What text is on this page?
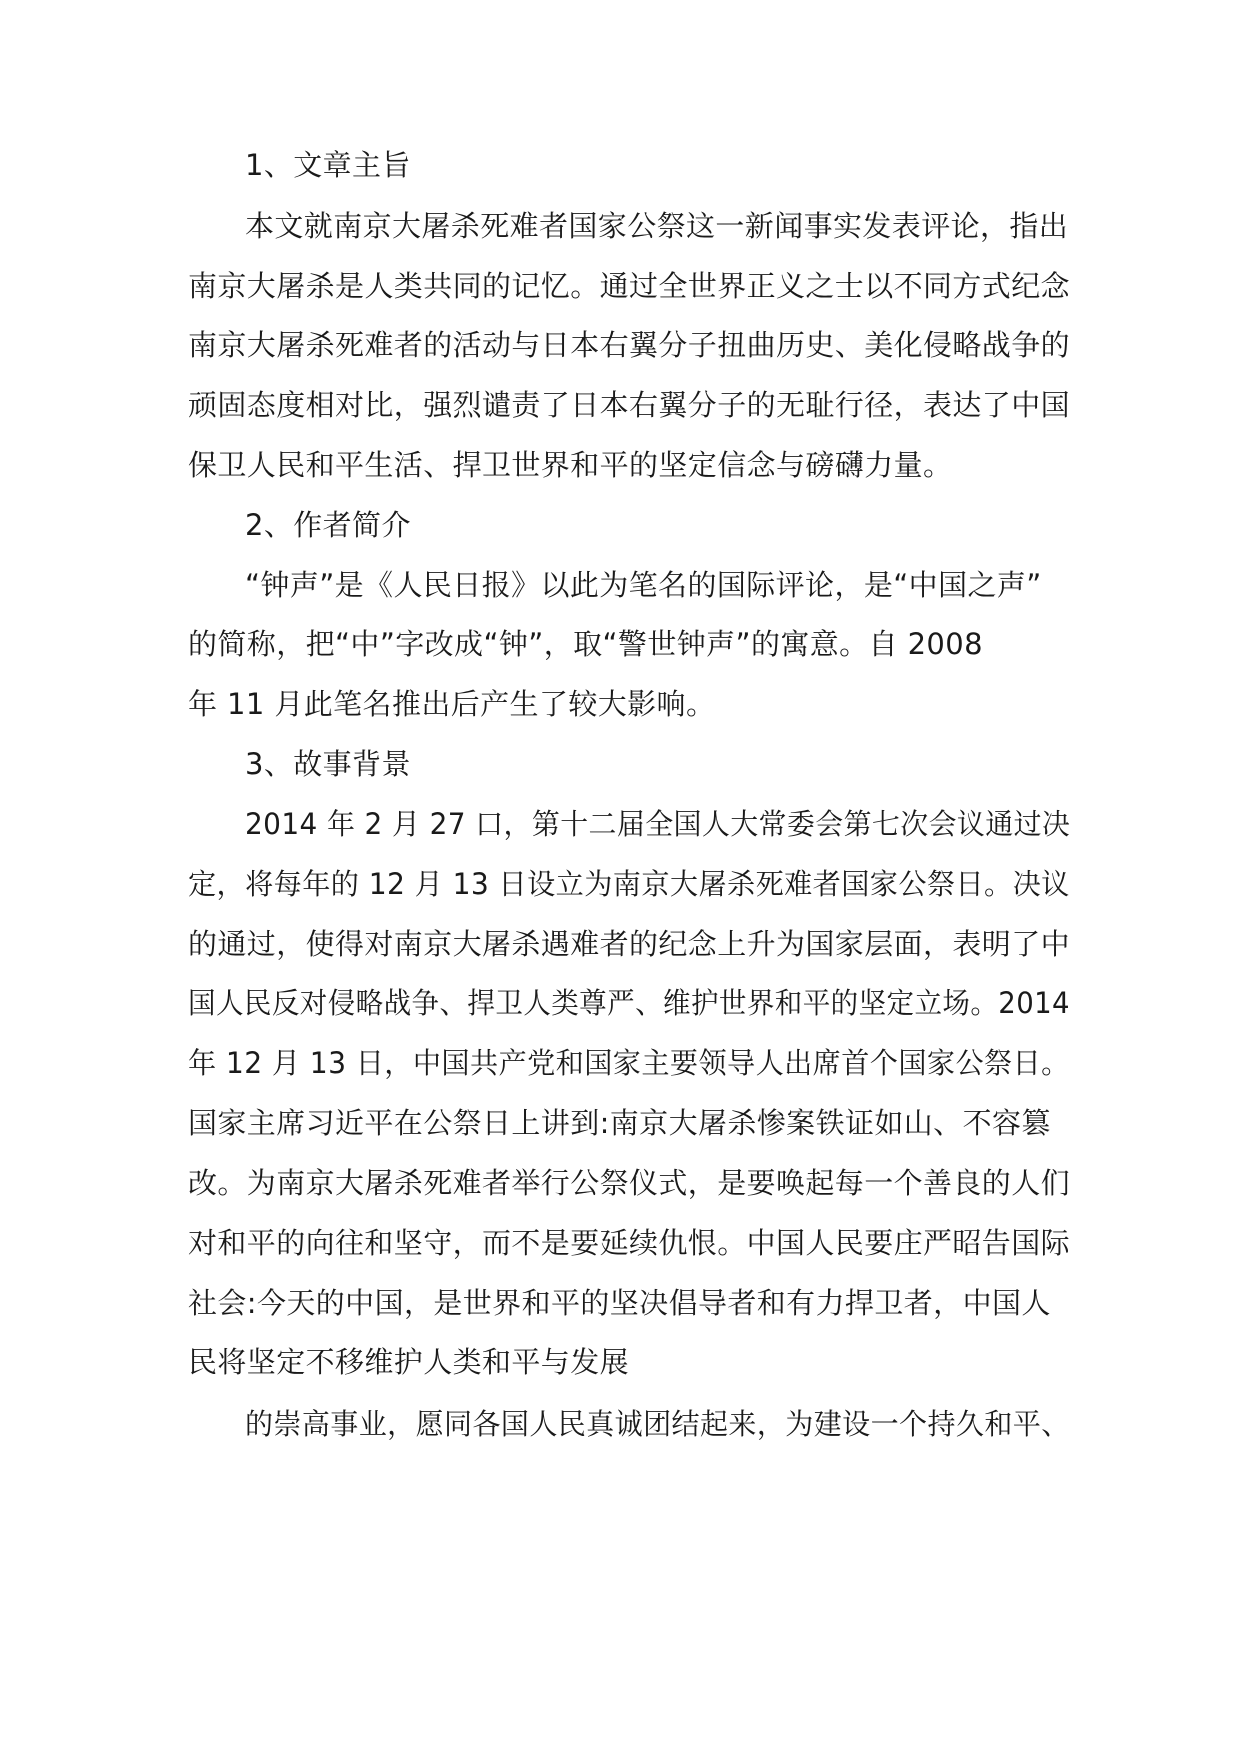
1、文章主旨
本文就南京大屠杀死难者国家公祭这一新闻事实发表评论，指出
南京大屠杀是人类共同的记忆。通过全世界正义之士以不同方式纪念
南京大屠杀死难者的活动与日本右翼分子扭曲历史、美化侵略战争的
顽固态度相对比，强烈谴责了日本右翼分子的无耻行径，表达了中国
保卫人民和平生活、捍卫世界和平的坚定信念与磅礴力量。
2、作者简介
“钟声”是《人民日报》以此为笔名的国际评论，是“中国之声”
的简称，把“中”字改成“钟”，取“警世钟声”的寓意。自 2008
年 11 月此笔名推出后产生了较大影响。
3、故事背景
2014 年 2 月 27 口，第十二届全国人大常委会第七次会议通过决
定，将每年的 12 月 13 日设立为南京大屠杀死难者国家公祭日。决议
的通过，使得对南京大屠杀遇难者的纪念上升为国家层面，表明了中
国人民反对侵略战争、捍卫人类尊严、维护世界和平的坚定立场。2014
年 12 月 13 日，中国共产党和国家主要领导人出席首个国家公祭日。
国家主席习近平在公祭日上讲到:南京大屠杀惨案铁证如山、不容篡
改。为南京大屠杀死难者举行公祭仪式，是要唤起每一个善良的人们
对和平的向往和坚守，而不是要延续仇恨。中国人民要庄严昭告国际
社会:今天的中国，是世界和平的坚决倡导者和有力捍卫者，中国人
民将坚定不移维护人类和平与发展
的崇高事业，愿同各国人民真诚团结起来，为建设一个持久和平、
